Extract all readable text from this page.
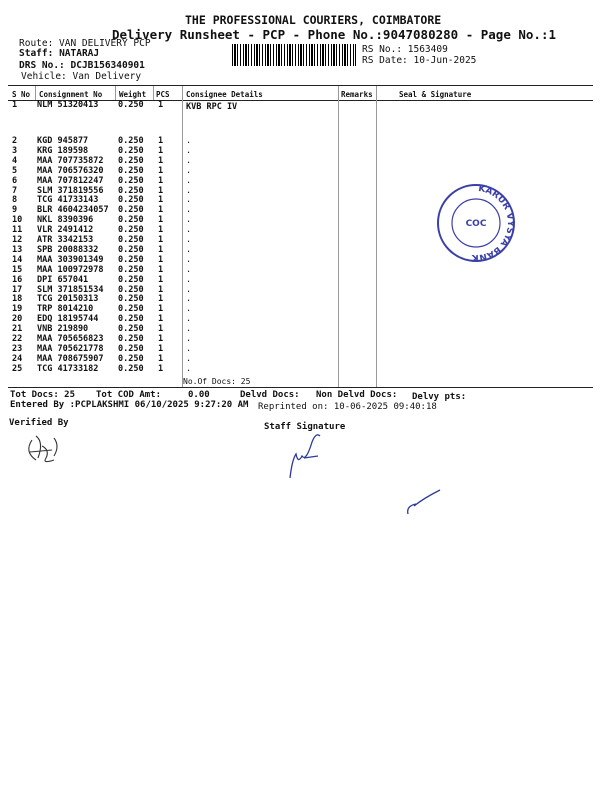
THE PROFESSIONAL COURIERS, COIMBATORE
Delivery Runsheet - PCP - Phone No.:9047080280 - Page No.:1
Route: VAN DELIVERY PCP
Staff: NATARAJ
DRS No.: DCJB156340901
Vehicle: Van Delivery
RS No.: 1563409
RS Date: 10-Jun-2025
S No Consignment No Weight PCS Consignee Details	Remarks	Seal & Signature
1 NLM 51320413 0.250 1	KVB RPC IV
2 KGD 945877	0.250 1	.
3 KRG 189598	0.250 1	.
4 MAA 707735872 0.250 1	.
5 MAA 706576320 0.250 1	.
6 MAA 707812247 0.250 1	.
7 SLM 371819556 0.250 1	.
8 TCG 41733143 0.250 1	.
9 BLR 4604234057 0.250 1	.
10 NKL 8390396	0.250 1	.
11 VLR 2491412	0.250 1	.
12 ATR 3342153	0.250 1	.
13 SPB 20088332 0.250 1	.
14 MAA 303901349 0.250 1	.
15 MAA 100972978 0.250 1	.
16 DPI 657041	0.250 1	.
17 SLM 371851534 0.250 1	.
18 TCG 20150313 0.250 1	.
19 TRP 8014210	0.250 1	.
20 EDQ 18195744 0.250 1	.
21 VNB 219890	0.250 1	.
22 MAA 705656823 0.250 1	.
23 MAA 705621778 0.250 1	.
24 MAA 708675907 0.250 1	.
25 TCG 41733182 0.250 1	.
No.Of Docs: 25
Tot Docs: 25 Tot COD Amt:	0.00	Delvd Docs: Non Delvd Docs: Delvy pts:
Entered By :PCPLAKSHMI 06/10/2025 9:27:20 AM Reprinted on: 10-06-2025 09:40:18
Verified By	Staff Signature
KARUR VYSYA BANK
COC
